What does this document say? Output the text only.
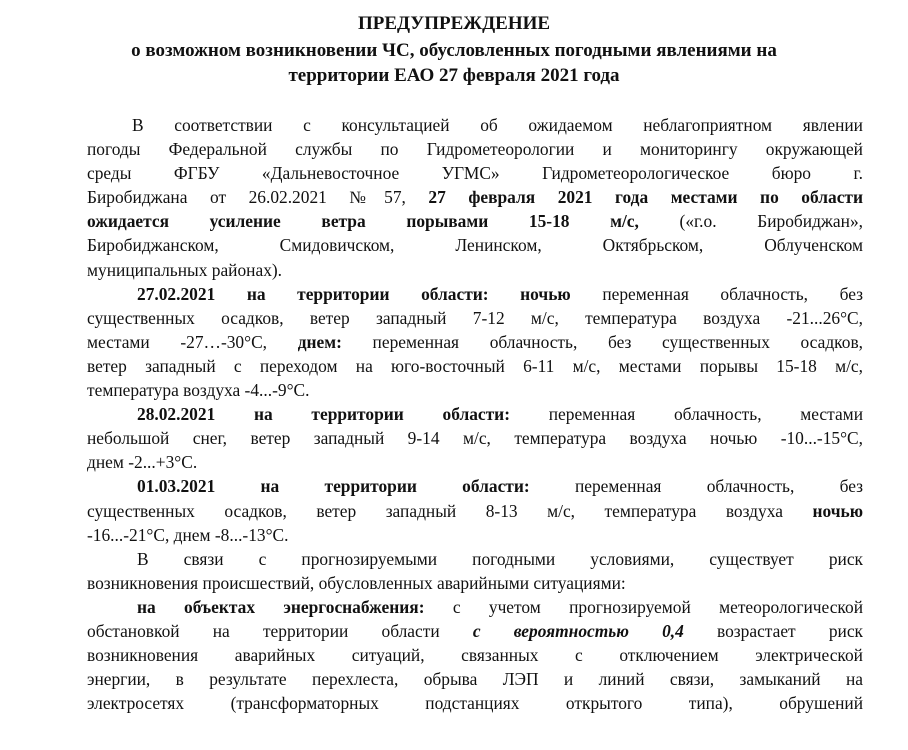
ПРЕДУПРЕЖДЕНИЕ
о возможном возникновении ЧС, обусловленных погодными явлениями на
территории ЕАО 27 февраля 2021 года

В соответствии с консультацией об ожидаемом неблагоприятном явлении

погоды Федеральной службы по Гидрометеорологии и мониторингу окружающей

среды ФГБУ «Дальневосточное УГМС» Гидрометеорологическое бюро г.

Биробиджана от 26.02.2021 №57, 27 февраля 2021 года местами по области

ожидается усиление ветра порывами 15-18 м/с, («г.о. Биробиджан»,

Биробиджанском, Смидовичском, Ленинском, Октябрьском, Облученском

муниципальных районах).

27.02.2021 на территории области: ночью переменная облачность, без

существенных осадков, ветер западный 7-12 м/с, температура воздуха -21...26°С,

местами -27…-30°С, днем: переменная облачность, без существенных осадков,

ветер западный с переходом на юго-восточный 6-11 м/с, местами порывы 15-18 м/с,

температура воздуха -4...-9°С.

28.02.2021 на территории области: переменная облачность, местами

небольшой снег, ветер западный 9-14 м/с, температура воздуха ночью -10...-15°С,

днем -2...+3°С.

01.03.2021 на территории области: переменная облачность, без

существенных осадков, ветер западный 8-13 м/с, температура воздуха ночью

-16...-21°С, днем -8...-13°С.

В связи с прогнозируемыми погодными условиями, существует риск

возникновения происшествий, обусловленных аварийными ситуациями:

на объектах энергоснабжения: с учетом прогнозируемой метеорологической

обстановкой на территории области с вероятностью 0,4 возрастает риск

возникновения аварийных ситуаций, связанных с отключением электрической

энергии, в результате перехлеста, обрыва ЛЭП и линий связи, замыканий на

электросетях (трансформаторных подстанциях открытого типа), обрушений
